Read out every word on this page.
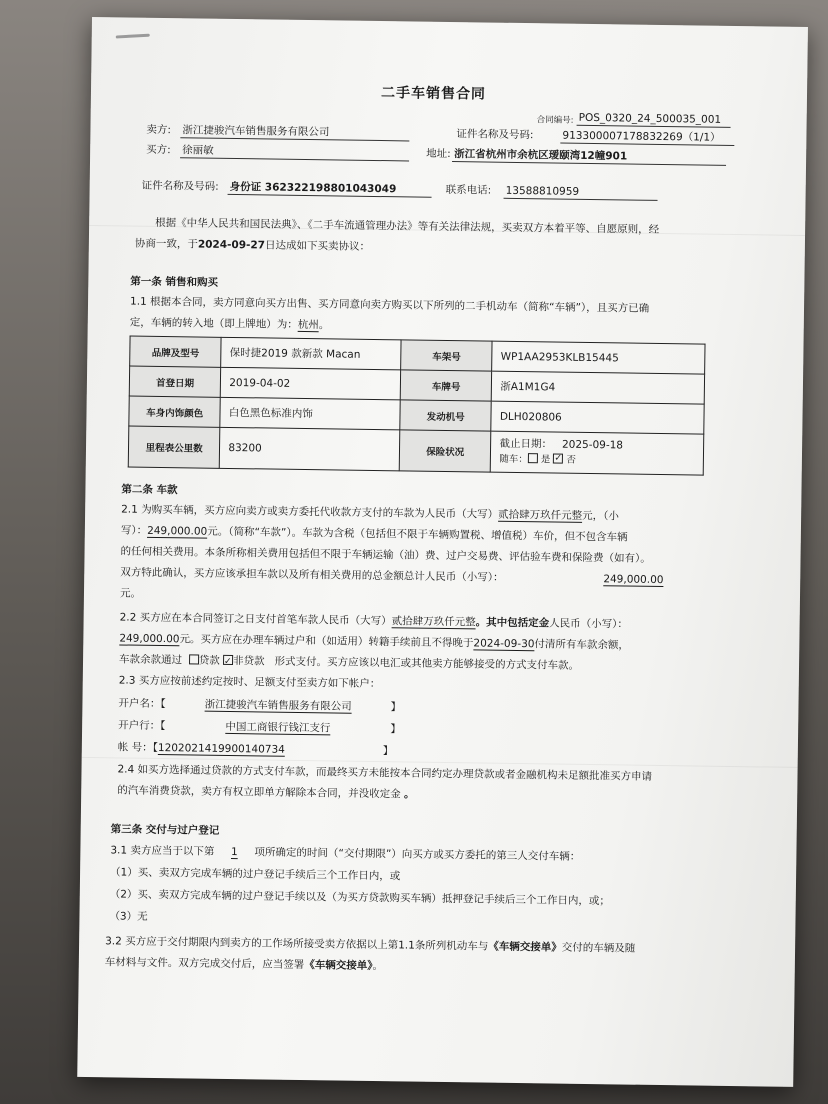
二手车销售合同
合同编号: POS_0320_24_500035_001
卖方: 浙江捷骏汽车销售服务有限公司	证件名称及号码:	913300007178832269（1/1）
买方: 徐丽敏	地址: 浙江省杭州市余杭区瑷颐湾12幢901
证件名称及号码: 身份证 362322198801043049	联系电话: 13588810959
根据《中华人民共和国民法典》、《二手车流通管理办法》等有关法律法规，买卖双方本着平等、自愿原则，经
协商一致，于2024-09-27日达成如下买卖协议：
第一条 销售和购买
1.1 根据本合同，卖方同意向买方出售、买方同意向卖方购买以下所列的二手机动车（简称“车辆”），且买方已确
定，车辆的转入地（即上牌地）为：杭州。
品牌及型号	保时捷2019 款新款 Macan	车架号	WP1AA2953KLB15445
首登日期	2019-04-02	车牌号	浙A1M1G4
车身内饰颜色	白色黑色标准内饰	发动机号	DLH020806
里程表公里数	83200	保险状况	截止日期： 2025-09-18
随车： 是 ✓ 否
第二条 车款
2.1 为购买车辆，买方应向卖方或卖方委托代收款方支付的车款为人民币（大写）贰拾肆万玖仟元整元，（小
写）：249,000.00元。（简称“车款”）。车款为含税（包括但不限于车辆购置税、增值税）车价，但不包含车辆
的任何相关费用。本条所称相关费用包括但不限于车辆运输（油）费、过户交易费、评估验车费和保险费（如有）。
双方特此确认，买方应该承担车款以及所有相关费用的总金额总计人民币（小写）：	249,000.00
元。
2.2 买方应在本合同签订之日支付首笔车款人民币（大写）贰拾肆万玖仟元整。其中包括定金人民币（小写）：
249,000.00元。买方应在办理车辆过户和（如适用）转籍手续前且不得晚于2024-09-30付清所有车款余额，
车款余款通过 贷款 ✓ 非贷款 形式支付。买方应该以电汇或其他卖方能够接受的方式支付车款。
2.3 买方应按前述约定按时、足额支付至卖方如下帐户：
开户名：【	浙江捷骏汽车销售服务有限公司	】
开户行：【	中国工商银行钱江支行	】
帐 号：【1202021419900140734	】
2.4 如买方选择通过贷款的方式支付车款，而最终买方未能按本合同约定办理贷款或者金融机构未足额批准买方申请
的汽车消费贷款，卖方有权立即单方解除本合同，并没收定金 。
第三条 交付与过户登记
3.1 卖方应当于以下第 1 项所确定的时间（“交付期限”）向买方或买方委托的第三人交付车辆：
（1）买、卖双方完成车辆的过户登记手续后三个工作日内，或
（2）买、卖双方完成车辆的过户登记手续以及（为买方贷款购买车辆）抵押登记手续后三个工作日内，或；
（3）无
3.2 买方应于交付期限内到卖方的工作场所接受卖方依据以上第1.1条所列机动车与《车辆交接单》交付的车辆及随
车材料与文件。双方完成交付后，应当签署《车辆交接单》。
